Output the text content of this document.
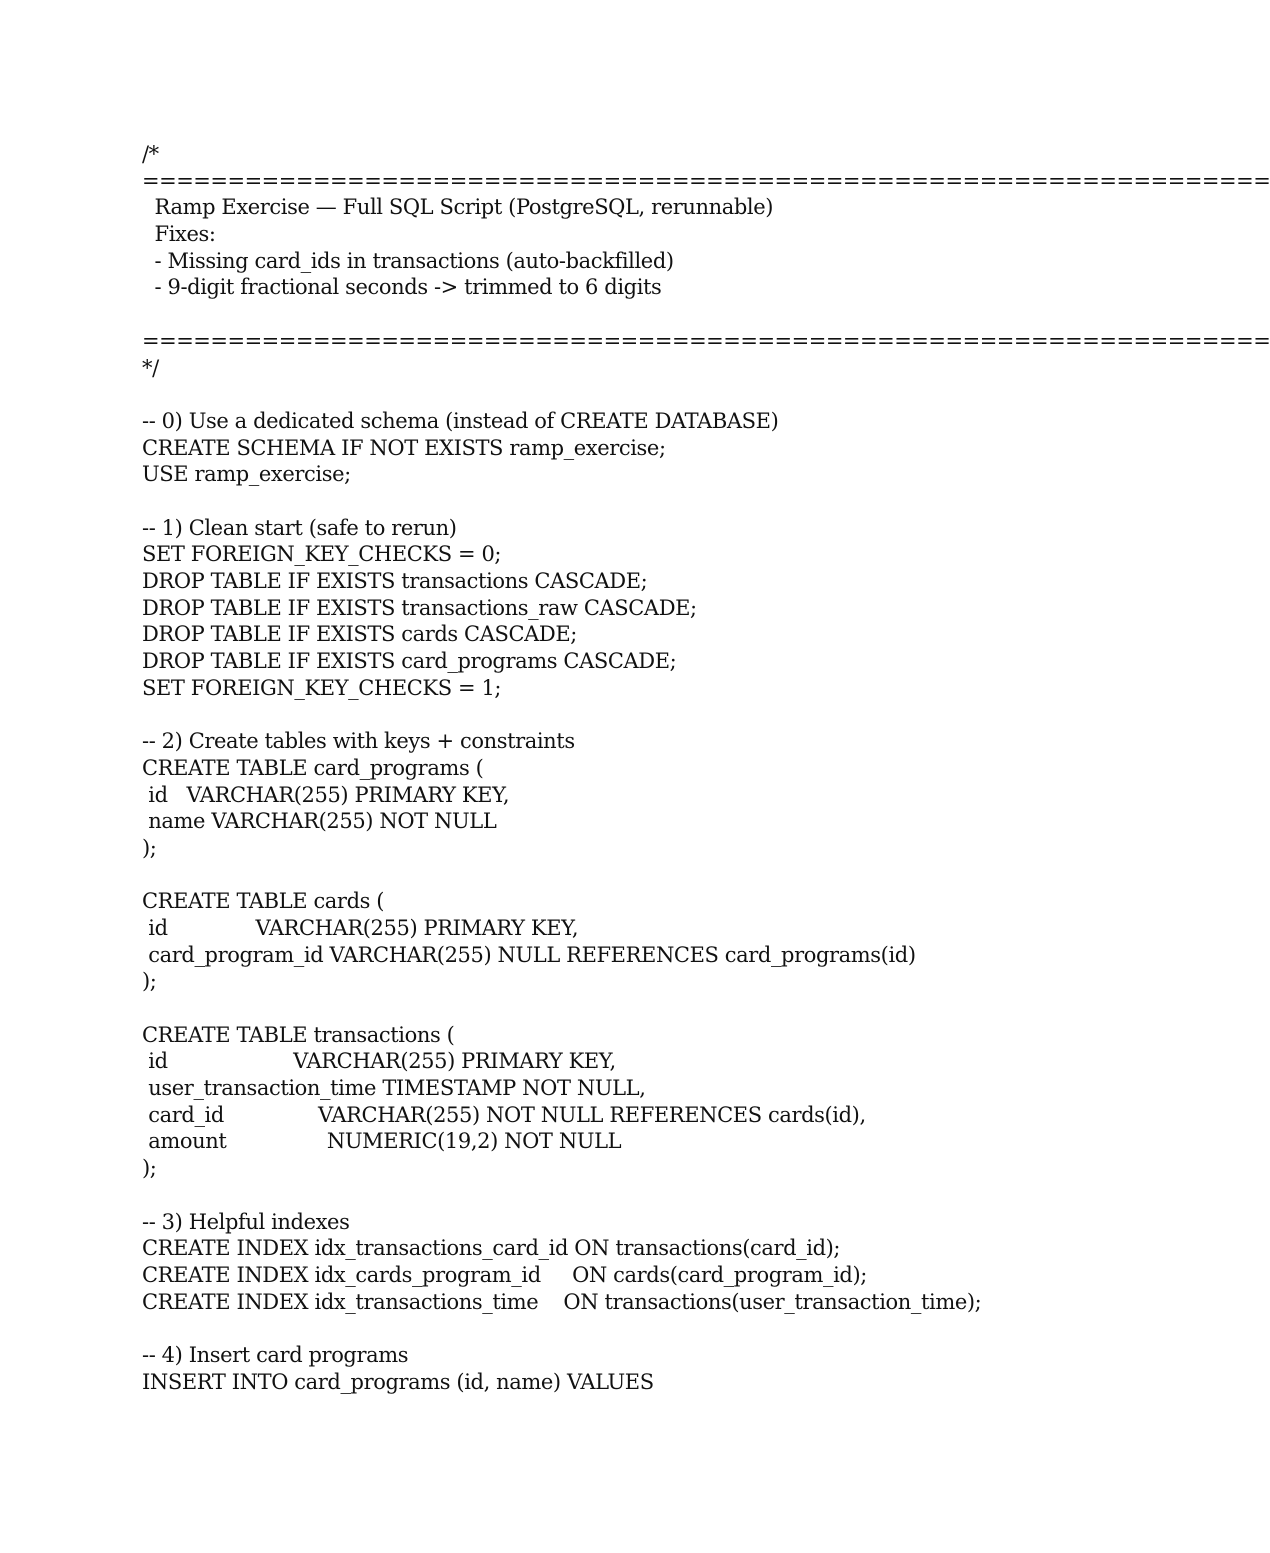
/*
==================================================================
Ramp Exercise — Full SQL Script (PostgreSQL, rerunnable)
Fixes:
- Missing card_ids in transactions (auto-backfilled)
- 9-digit fractional seconds -> trimmed to 6 digits
==================================================================
*/
-- 0) Use a dedicated schema (instead of CREATE DATABASE)
CREATE SCHEMA IF NOT EXISTS ramp_exercise;
USE ramp_exercise;
-- 1) Clean start (safe to rerun)
SET FOREIGN_KEY_CHECKS = 0;
DROP TABLE IF EXISTS transactions CASCADE;
DROP TABLE IF EXISTS transactions_raw CASCADE;
DROP TABLE IF EXISTS cards CASCADE;
DROP TABLE IF EXISTS card_programs CASCADE;
SET FOREIGN_KEY_CHECKS = 1;
-- 2) Create tables with keys + constraints
CREATE TABLE card_programs (
id   VARCHAR(255) PRIMARY KEY,
name VARCHAR(255) NOT NULL
);
CREATE TABLE cards (
id              VARCHAR(255) PRIMARY KEY,
card_program_id VARCHAR(255) NULL REFERENCES card_programs(id)
);
CREATE TABLE transactions (
id                    VARCHAR(255) PRIMARY KEY,
user_transaction_time TIMESTAMP NOT NULL,
card_id               VARCHAR(255) NOT NULL REFERENCES cards(id),
amount                NUMERIC(19,2) NOT NULL
);
-- 3) Helpful indexes
CREATE INDEX idx_transactions_card_id ON transactions(card_id);
CREATE INDEX idx_cards_program_id     ON cards(card_program_id);
CREATE INDEX idx_transactions_time    ON transactions(user_transaction_time);
-- 4) Insert card programs
INSERT INTO card_programs (id, name) VALUES
